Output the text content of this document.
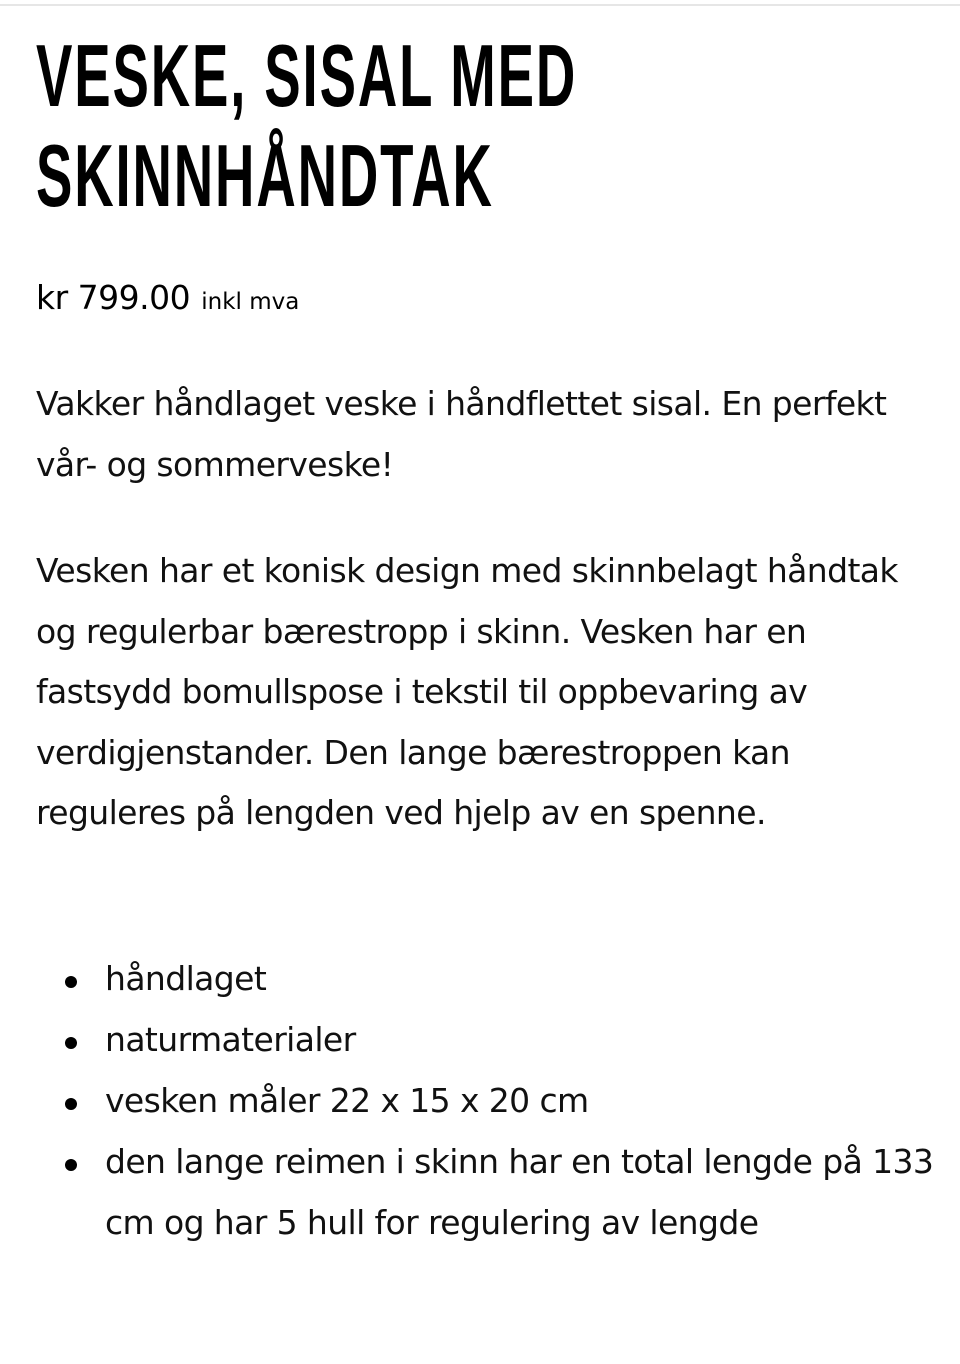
VESKE, SISAL MED SKINNHÅNDTAK
kr 799.00 inkl mva

Vakker håndlaget veske i håndflettet sisal. En perfekt vår- og sommerveske!

Vesken har et konisk design med skinnbelagt håndtak og regulerbar bærestropp i skinn. Vesken har en fastsydd bomullspose i tekstil til oppbevaring av verdigjenstander. Den lange bærestroppen kan reguleres på lengden ved hjelp av en spenne.

håndlaget
naturmaterialer
vesken måler 22 x 15 x 20 cm
den lange reimen i skinn har en total lengde på 133 cm og har 5 hull for regulering av lengde
